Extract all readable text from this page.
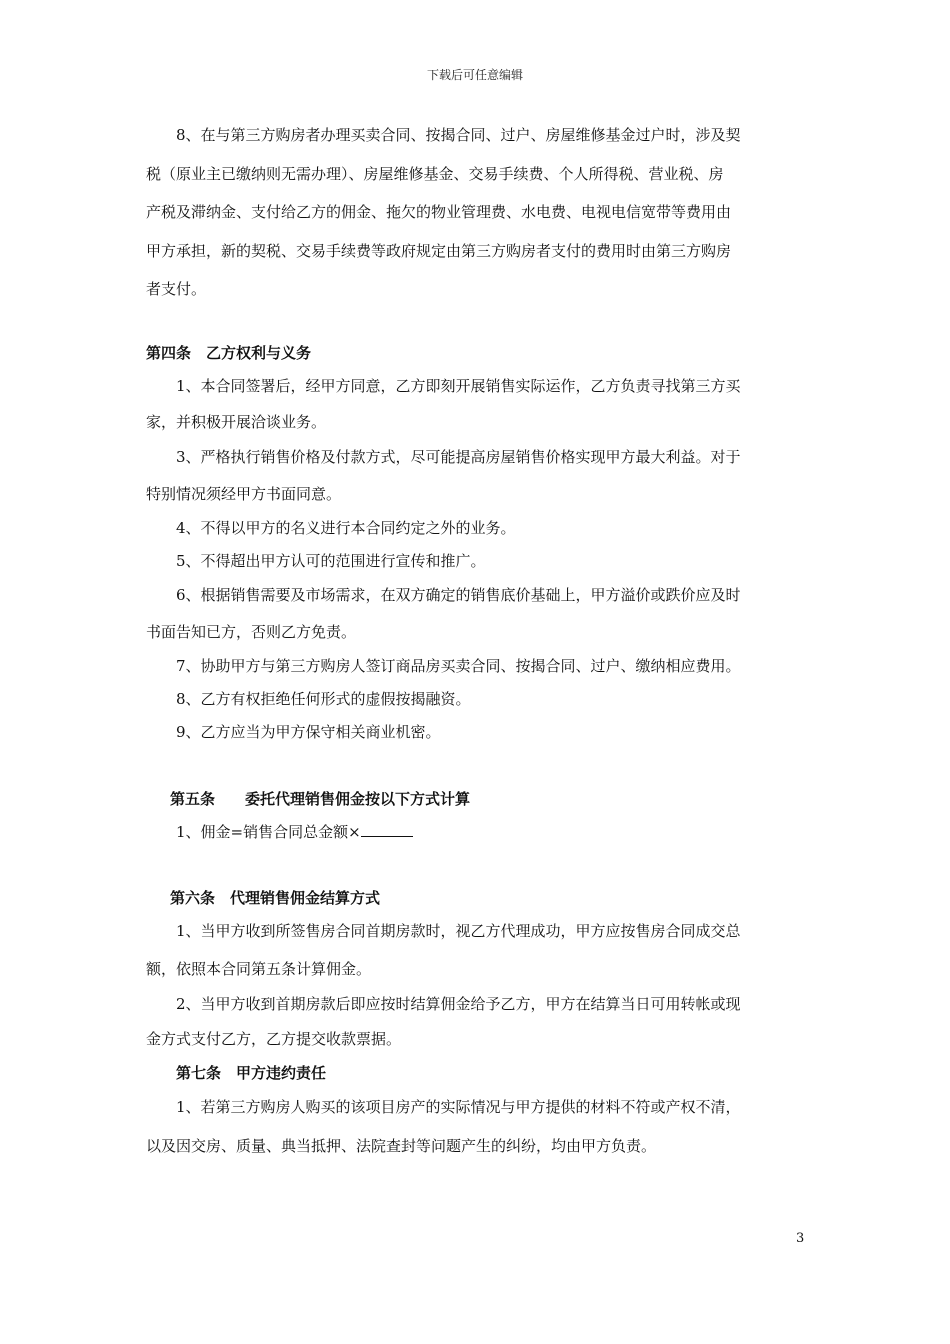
下载后可任意编辑
8、在与第三方购房者办理买卖合同、按揭合同、过户、房屋维修基金过户时，涉及契
税（原业主已缴纳则无需办理）、房屋维修基金、交易手续费、个人所得税、营业税、房
产税及滞纳金、支付给乙方的佣金、拖欠的物业管理费、水电费、电视电信宽带等费用由
甲方承担，新的契税、交易手续费等政府规定由第三方购房者支付的费用时由第三方购房
者支付。
第四条　乙方权利与义务
1、本合同签署后，经甲方同意，乙方即刻开展销售实际运作，乙方负责寻找第三方买
家，并积极开展洽谈业务。
3、严格执行销售价格及付款方式，尽可能提高房屋销售价格实现甲方最大利益。对于
特别情况须经甲方书面同意。
4、不得以甲方的名义进行本合同约定之外的业务。
5、不得超出甲方认可的范围进行宣传和推广。
6、根据销售需要及市场需求，在双方确定的销售底价基础上，甲方溢价或跌价应及时
书面告知已方，否则乙方免责。
7、协助甲方与第三方购房人签订商品房买卖合同、按揭合同、过户、缴纳相应费用。
8、乙方有权拒绝任何形式的虚假按揭融资。
9、乙方应当为甲方保守相关商业机密。
第五条　　委托代理销售佣金按以下方式计算
1、佣金=销售合同总金额×
第六条　代理销售佣金结算方式
1、当甲方收到所签售房合同首期房款时，视乙方代理成功，甲方应按售房合同成交总
额，依照本合同第五条计算佣金。
2、当甲方收到首期房款后即应按时结算佣金给予乙方，甲方在结算当日可用转帐或现
金方式支付乙方，乙方提交收款票据。
第七条　甲方违约责任
1、若第三方购房人购买的该项目房产的实际情况与甲方提供的材料不符或产权不清，
以及因交房、质量、典当抵押、法院查封等问题产生的纠纷，均由甲方负责。
3
